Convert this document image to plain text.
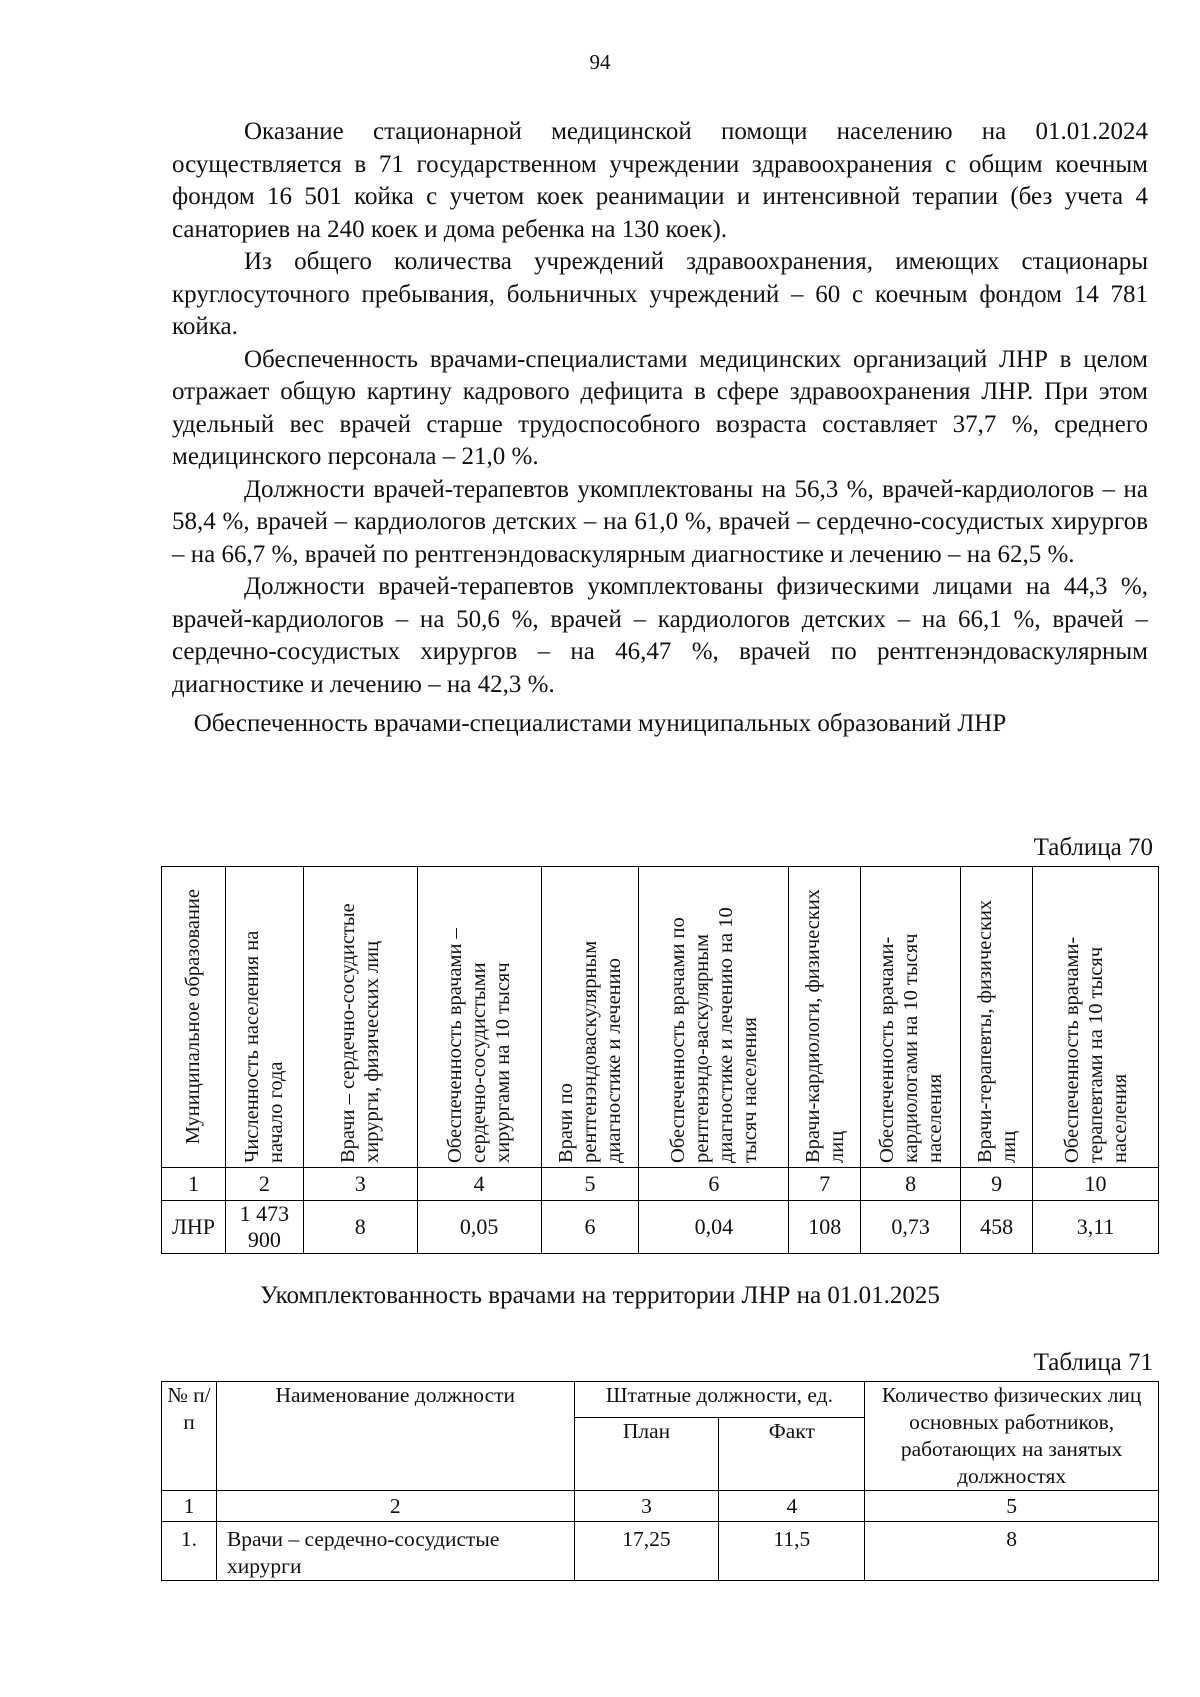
94

Оказание стационарной медицинской помощи населению на 01.01.2024 осуществляется в 71 государственном учреждении здравоохранения с общим коечным фондом 16 501 койка с учетом коек реанимации и интенсивной терапии (без учета 4 санаториев на 240 коек и дома ребенка на 130 коек).

Из общего количества учреждений здравоохранения, имеющих стационары круглосуточного пребывания, больничных учреждений – 60 с коечным фондом 14 781 койка.

Обеспеченность врачами-специалистами медицинских организаций ЛНР в целом отражает общую картину кадрового дефицита в сфере здравоохранения ЛНР. При этом удельный вес врачей старше трудоспособного возраста составляет 37,7 %, среднего медицинского персонала – 21,0 %.

Должности врачей-терапевтов укомплектованы на 56,3 %, врачей-кардиологов – на 58,4 %, врачей – кардиологов детских – на 61,0 %, врачей – сердечно-сосудистых хирургов – на 66,7 %, врачей по рентгенэндоваскулярным диагностике и лечению – на 62,5 %.

Должности врачей-терапевтов укомплектованы физическими лицами на 44,3 %, врачей-кардиологов – на 50,6 %, врачей – кардиологов детских – на 66,1 %, врачей – сердечно-сосудистых хирургов – на 46,47 %, врачей по рентгенэндоваскулярным диагностике и лечению – на 42,3 %.

Обеспеченность врачами-специалистами муниципальных образований ЛНР
Таблица 70
Муниципальное образование	Численность населения на начало года	Врачи – сердечно-сосудистые хирурги, физических лиц	Обеспеченность врачами – сердечно-сосудистыми хирургами на 10 тысяч	Врачи по рентгенэндоваскулярным диагностике и лечению	Обеспеченность врачами по рентгенэндо-васкулярным диагностике и лечению на 10 тысяч населения	Врачи-кардиологи, физических лиц	Обеспеченность врачами-кардиологами на 10 тысяч населения	Врачи-терапевты, физических лиц	Обеспеченность врачами-терапевтами на 10 тысяч населения

1	2	3	4	5	6	7	8	9	10
ЛНР	1 473 900	8	0,05	6	0,04	108	0,73	458	3,11
Укомплектованность врачами на территории ЛНР на 01.01.2025
Таблица 71
№ п/п	Наименование должности	Штатные должности, ед.		Количество физических лиц основных работников, работающих на занятых должностях
		План	Факт	
1	2	3	4	5
1.	Врачи – сердечно-сосудистые хирурги	17,25	11,5	8
